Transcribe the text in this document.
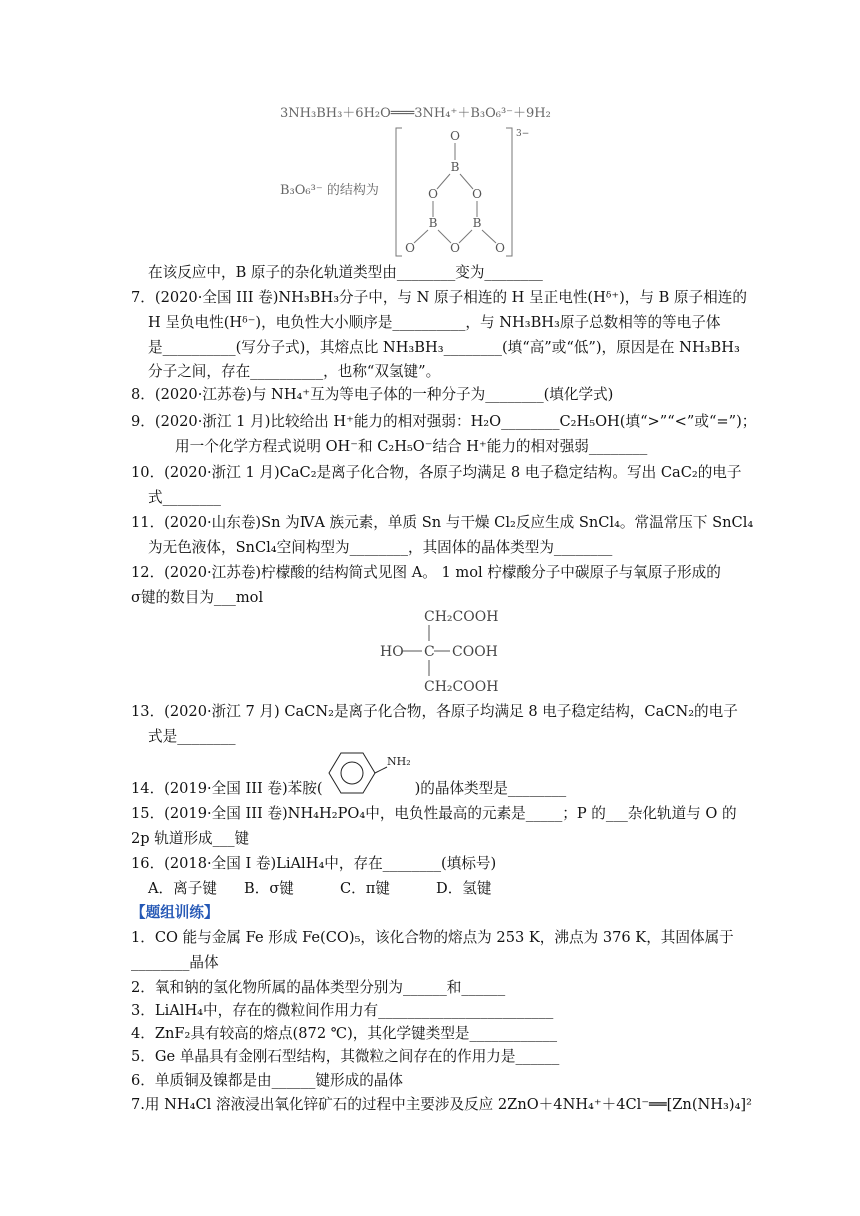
3NH₃BH₃＋6H₂O═══3NH₄⁺＋B₃O₆³⁻＋9H₂
B₃O₆³⁻ 的结构为
O
B
O	O
B	B
O	O	O
3−
在该反应中，B 原子的杂化轨道类型由________变为________
7．(2020·全国 III 卷)NH₃BH₃分子中，与 N 原子相连的 H 呈正电性(Hᵟ⁺)，与 B 原子相连的
H 呈负电性(Hᵟ⁻)，电负性大小顺序是__________，与 NH₃BH₃原子总数相等的等电子体
是__________(写分子式)，其熔点比 NH₃BH₃________(填“高”或“低”)，原因是在 NH₃BH₃
分子之间，存在__________，也称“双氢键”。
8．(2020·江苏卷)与 NH₄⁺互为等电子体的一种分子为________(填化学式)
9．(2020·浙江 1 月)比较给出 H⁺能力的相对强弱：H₂O________C₂H₅OH(填“>”“<”或“=”)；
用一个化学方程式说明 OH⁻和 C₂H₅O⁻结合 H⁺能力的相对强弱________
10．(2020·浙江 1 月)CaC₂是离子化合物，各原子均满足 8 电子稳定结构。写出 CaC₂的电子
式________
11．(2020·山东卷)Sn 为ⅣA 族元素，单质 Sn 与干燥 Cl₂反应生成 SnCl₄。常温常压下 SnCl₄
为无色液体，SnCl₄空间构型为________，其固体的晶体类型为________
12．(2020·江苏卷)柠檬酸的结构简式见图 A。 1 mol 柠檬酸分子中碳原子与氧原子形成的
σ键的数目为___mol
CH₂COOH
HO C COOH
CH₂COOH
13．(2020·浙江 7 月) CaCN₂是离子化合物，各原子均满足 8 电子稳定结构，CaCN₂的电子
式是________
14．(2019·全国 III 卷)苯胺(
NH₂
)的晶体类型是________
15．(2019·全国 III 卷)NH₄H₂PO₄中，电负性最高的元素是_____；P 的___杂化轨道与 O 的
2p 轨道形成___键
16．(2018·全国 I 卷)LiAlH₄中，存在________(填标号)
A．离子键 B．σ键	C．π键	D．氢键
【题组训练】
1．CO 能与金属 Fe 形成 Fe(CO)₅，该化合物的熔点为 253 K，沸点为 376 K，其固体属于
________晶体
2．氧和钠的氢化物所属的晶体类型分别为______和______
3．LiAlH₄中，存在的微粒间作用力有________________________
4．ZnF₂具有较高的熔点(872 ℃)，其化学键类型是____________
5．Ge 单晶具有金刚石型结构，其微粒之间存在的作用力是______
6．单质铜及镍都是由______键形成的晶体
7.用 NH₄Cl 溶液浸出氧化锌矿石的过程中主要涉及反应 2ZnO＋4NH₄⁺＋4Cl⁻══[Zn(NH₃)₄]²
